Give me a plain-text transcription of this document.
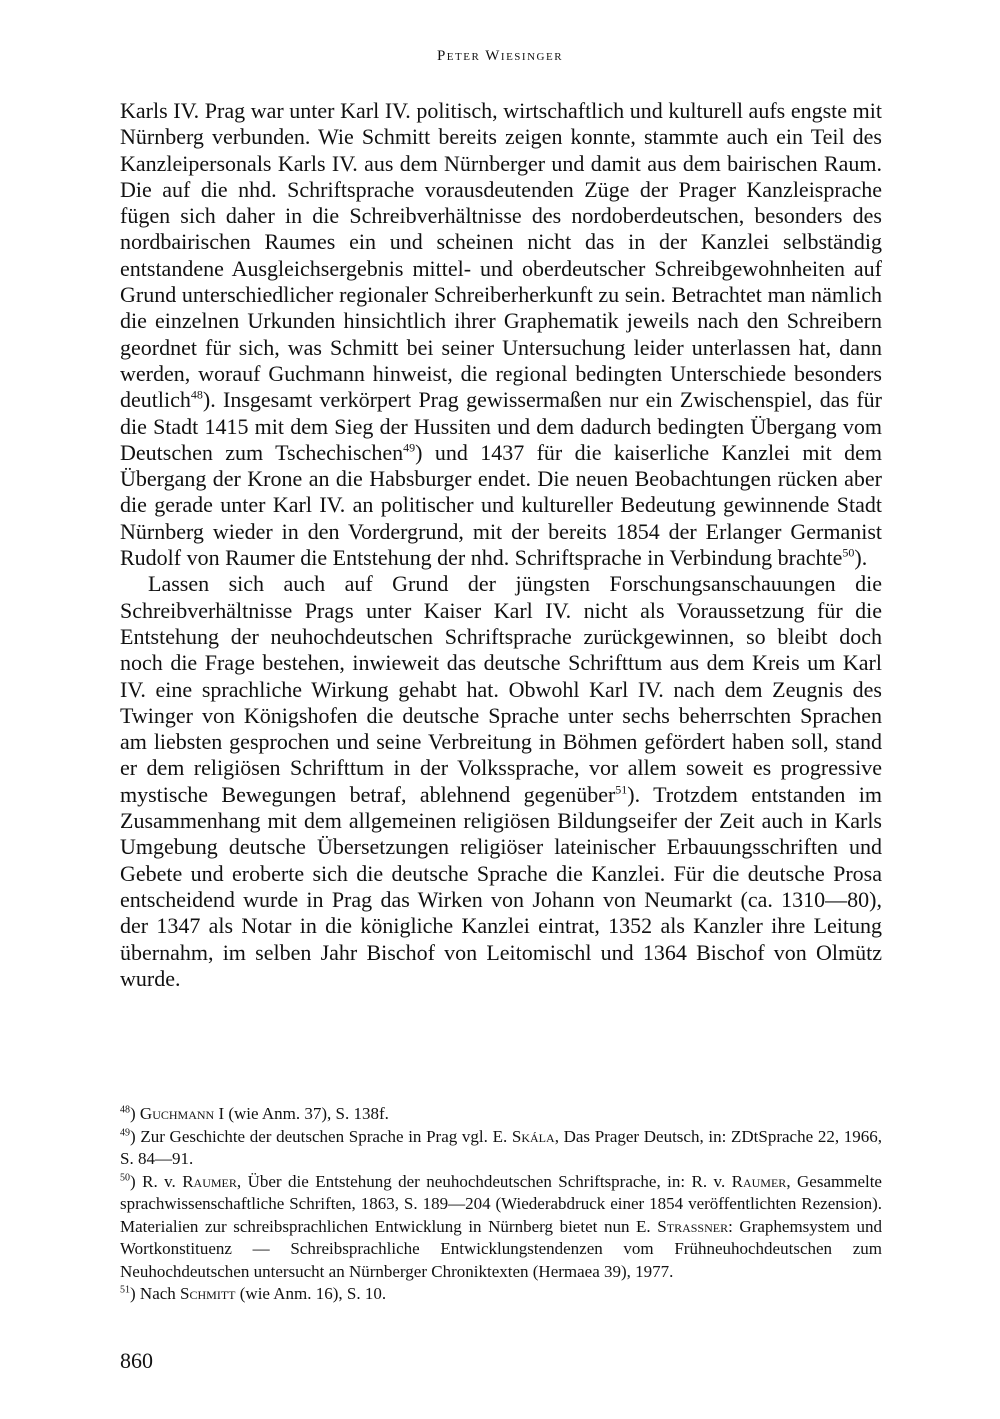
Peter Wiesinger

Karls IV. Prag war unter Karl IV. politisch, wirtschaftlich und kulturell aufs engste mit Nürnberg verbunden. Wie Schmitt bereits zeigen konnte, stammte auch ein Teil des Kanzleipersonals Karls IV. aus dem Nürnberger und damit aus dem bairischen Raum. Die auf die nhd. Schriftsprache vorausdeutenden Züge der Prager Kanzleisprache fügen sich daher in die Schreibverhältnisse des nordoberdeutschen, besonders des nordbairischen Raumes ein und scheinen nicht das in der Kanzlei selbständig entstandene Ausgleichsergebnis mittel- und oberdeutscher Schreibgewohnheiten auf Grund unterschiedlicher regionaler Schreiberherkunft zu sein. Betrachtet man nämlich die einzelnen Urkunden hinsichtlich ihrer Graphematik jeweils nach den Schreibern geordnet für sich, was Schmitt bei seiner Untersuchung leider unterlassen hat, dann werden, worauf Guchmann hinweist, die regional bedingten Unterschiede besonders deutlich$^{48}$). Insgesamt verkörpert Prag gewissermaßen nur ein Zwischenspiel, das für die Stadt 1415 mit dem Sieg der Hussiten und dem dadurch bedingten Übergang vom Deutschen zum Tschechischen$^{49}$) und 1437 für die kaiserliche Kanzlei mit dem Übergang der Krone an die Habsburger endet. Die neuen Beobachtungen rücken aber die gerade unter Karl IV. an politischer und kultureller Bedeutung gewinnende Stadt Nürnberg wieder in den Vordergrund, mit der bereits 1854 der Erlanger Germanist Rudolf von Raumer die Entstehung der nhd. Schriftsprache in Verbindung brachte$^{50}$).

Lassen sich auch auf Grund der jüngsten Forschungsanschauungen die Schreibverhältnisse Prags unter Kaiser Karl IV. nicht als Voraussetzung für die Entstehung der neuhochdeutschen Schriftsprache zurückgewinnen, so bleibt doch noch die Frage bestehen, inwieweit das deutsche Schrifttum aus dem Kreis um Karl IV. eine sprachliche Wirkung gehabt hat. Obwohl Karl IV. nach dem Zeugnis des Twinger von Königshofen die deutsche Sprache unter sechs beherrschten Sprachen am liebsten gesprochen und seine Verbreitung in Böhmen gefördert haben soll, stand er dem religiösen Schrifttum in der Volkssprache, vor allem soweit es progressive mystische Bewegungen betraf, ablehnend gegenüber$^{51}$). Trotzdem entstanden im Zusammenhang mit dem allgemeinen religiösen Bildungseifer der Zeit auch in Karls Umgebung deutsche Übersetzungen religiöser lateinischer Erbauungsschriften und Gebete und eroberte sich die deutsche Sprache die Kanzlei. Für die deutsche Prosa entscheidend wurde in Prag das Wirken von Johann von Neumarkt (ca. 1310—80), der 1347 als Notar in die königliche Kanzlei eintrat, 1352 als Kanzler ihre Leitung übernahm, im selben Jahr Bischof von Leitomischl und 1364 Bischof von Olmütz wurde.

$^{48}$) Guchmann I (wie Anm. 37), S. 138f.

$^{49}$) Zur Geschichte der deutschen Sprache in Prag vgl. E. Skála, Das Prager Deutsch, in: ZDtSprache 22, 1966, S. 84—91.

$^{50}$) R. v. Raumer, Über die Entstehung der neuhochdeutschen Schriftsprache, in: R. v. Raumer, Gesammelte sprachwissenschaftliche Schriften, 1863, S. 189—204 (Wiederabdruck einer 1854 veröffentlichten Rezension). Materialien zur schreibsprachlichen Entwicklung in Nürnberg bietet nun E. Strassner: Graphemsystem und Wortkonstituenz — Schreibsprachliche Entwicklungstendenzen vom Frühneuhochdeutschen zum Neuhochdeutschen untersucht an Nürnberger Chroniktexten (Hermaea 39), 1977.

$^{51}$) Nach Schmitt (wie Anm. 16), S. 10.

860
